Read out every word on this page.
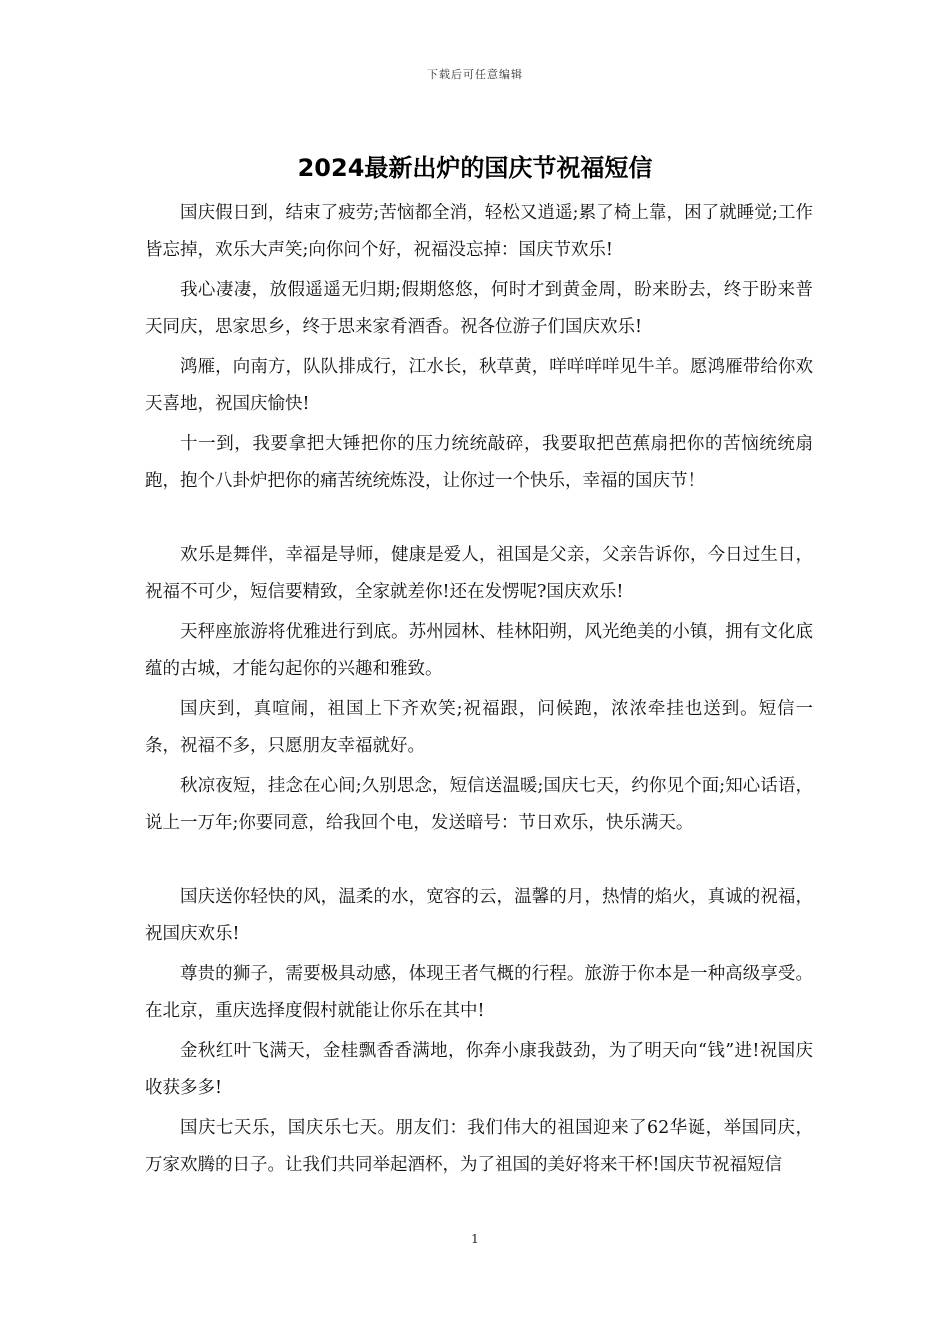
下载后可任意编辑
2024最新出炉的国庆节祝福短信

国庆假日到，结束了疲劳;苦恼都全消，轻松又逍遥;累了椅上靠，困了就睡觉;工作皆忘掉，欢乐大声笑;向你问个好，祝福没忘掉：国庆节欢乐!

我心凄凄，放假遥遥无归期;假期悠悠，何时才到黄金周，盼来盼去，终于盼来普天同庆，思家思乡，终于思来家肴酒香。祝各位游子们国庆欢乐!

鸿雁，向南方，队队排成行，江水长，秋草黄，咩咩咩咩见牛羊。愿鸿雁带给你欢天喜地，祝国庆愉快!

十一到，我要拿把大锤把你的压力统统敲碎，我要取把芭蕉扇把你的苦恼统统扇跑，抱个八卦炉把你的痛苦统统炼没，让你过一个快乐，幸福的国庆节！

欢乐是舞伴，幸福是导师，健康是爱人，祖国是父亲，父亲告诉你，今日过生日，祝福不可少，短信要精致，全家就差你!还在发愣呢?国庆欢乐!

天秤座旅游将优雅进行到底。苏州园林、桂林阳朔，风光绝美的小镇，拥有文化底蕴的古城，才能勾起你的兴趣和雅致。

国庆到，真喧闹，祖国上下齐欢笑;祝福跟，问候跑，浓浓牵挂也送到。短信一条，祝福不多，只愿朋友幸福就好。

秋凉夜短，挂念在心间;久别思念，短信送温暖;国庆七天，约你见个面;知心话语，说上一万年;你要同意，给我回个电，发送暗号：节日欢乐，快乐满天。

国庆送你轻快的风，温柔的水，宽容的云，温馨的月，热情的焰火，真诚的祝福，祝国庆欢乐!

尊贵的狮子，需要极具动感，体现王者气概的行程。旅游于你本是一种高级享受。在北京，重庆选择度假村就能让你乐在其中!

金秋红叶飞满天，金桂飘香香满地，你奔小康我鼓劲，为了明天向“钱”进!祝国庆收获多多!

国庆七天乐，国庆乐七天。朋友们：我们伟大的祖国迎来了62华诞，举国同庆，万家欢腾的日子。让我们共同举起酒杯，为了祖国的美好将来干杯!国庆节祝福短信

1
